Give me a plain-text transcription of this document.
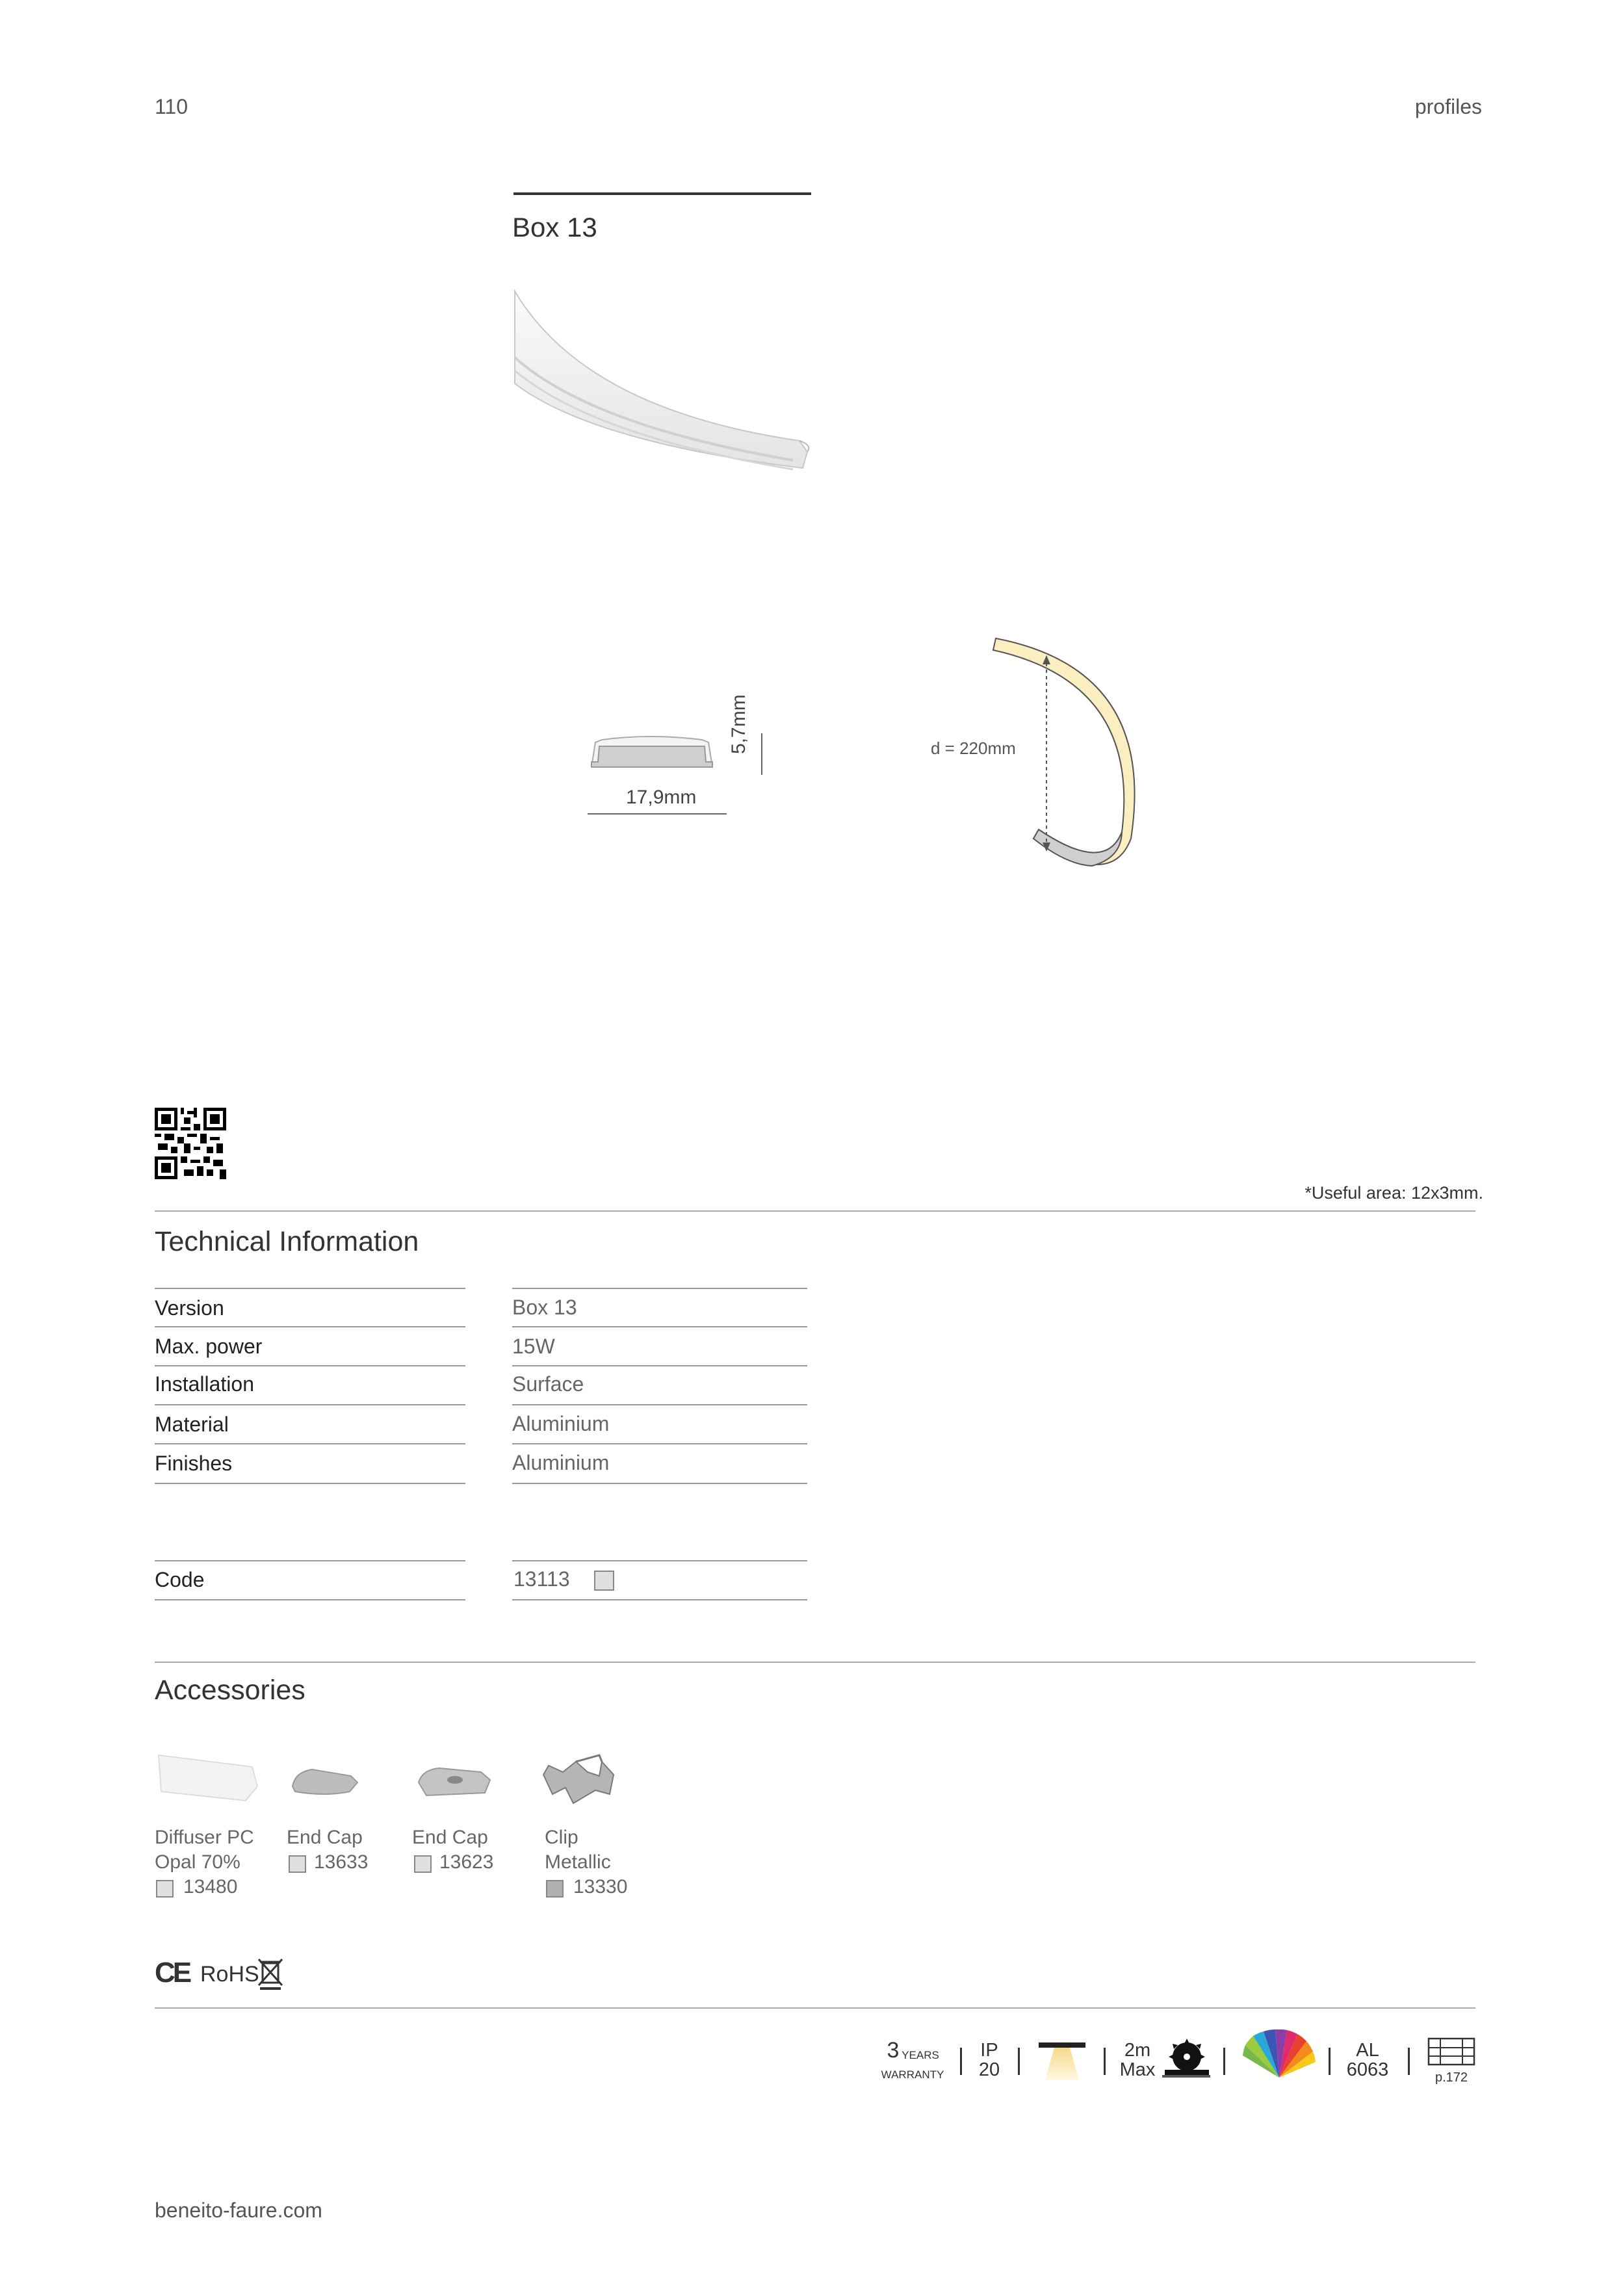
110	profiles
Box 13
17,9mm
5,7mm	d = 220mm
*Useful area: 12x3mm.
Technical Information
Version	Box 13
Max. power	15W
Installation	Surface
Material	Aluminium
Finishes	Aluminium
Code	13113
Accessories
Diffuser PC
Opal 70%
13480
End Cap
13633
End Cap
13623
Clip
Metallic
13330
CE RoHS
3 YEARS
WARRANTY
IP
20
2m
Max
AL
6063	p.172
beneito-faure.com
